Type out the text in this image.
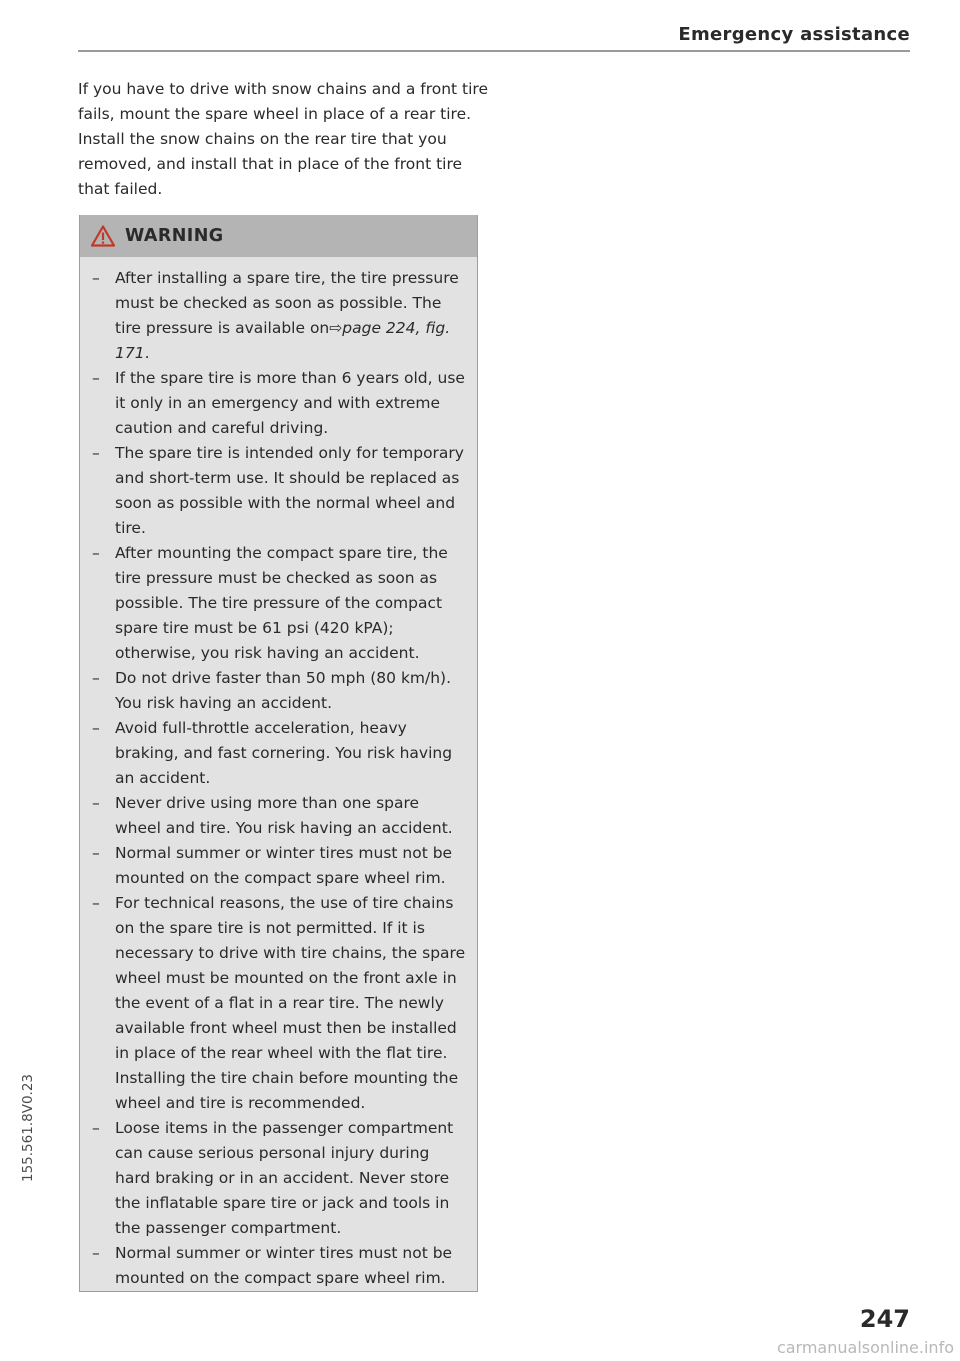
Emergency assistance

If you have to drive with snow chains and a front tire fails, mount the spare wheel in place of a rear tire. Install the snow chains on the rear tire that you removed, and install that in place of the front tire that failed.

WARNING
– After installing a spare tire, the tire pressure must be checked as soon as possible. The tire pressure is available on⇨page 224, fig. 171.
– If the spare tire is more than 6 years old, use it only in an emergency and with extreme caution and careful driving.
– The spare tire is intended only for temporary and short-term use. It should be replaced as soon as possible with the normal wheel and tire.
– After mounting the compact spare tire, the tire pressure must be checked as soon as possible. The tire pressure of the compact spare tire must be 61 psi (420 kPA); otherwise, you risk having an accident.
– Do not drive faster than 50 mph (80 km/h). You risk having an accident.
– Avoid full-throttle acceleration, heavy braking, and fast cornering. You risk having an accident.
– Never drive using more than one spare wheel and tire. You risk having an accident.
– Normal summer or winter tires must not be mounted on the compact spare wheel rim.
– For technical reasons, the use of tire chains on the spare tire is not permitted. If it is necessary to drive with tire chains, the spare wheel must be mounted on the front axle in the event of a flat in a rear tire. The newly available front wheel must then be installed in place of the rear wheel with the flat tire. Installing the tire chain before mounting the wheel and tire is recommended.
– Loose items in the passenger compartment can cause serious personal injury during hard braking or in an accident. Never store the inflatable spare tire or jack and tools in the passenger compartment.
– Normal summer or winter tires must not be mounted on the compact spare wheel rim.
155.561.8V0.23
247
carmanualsonline.info
